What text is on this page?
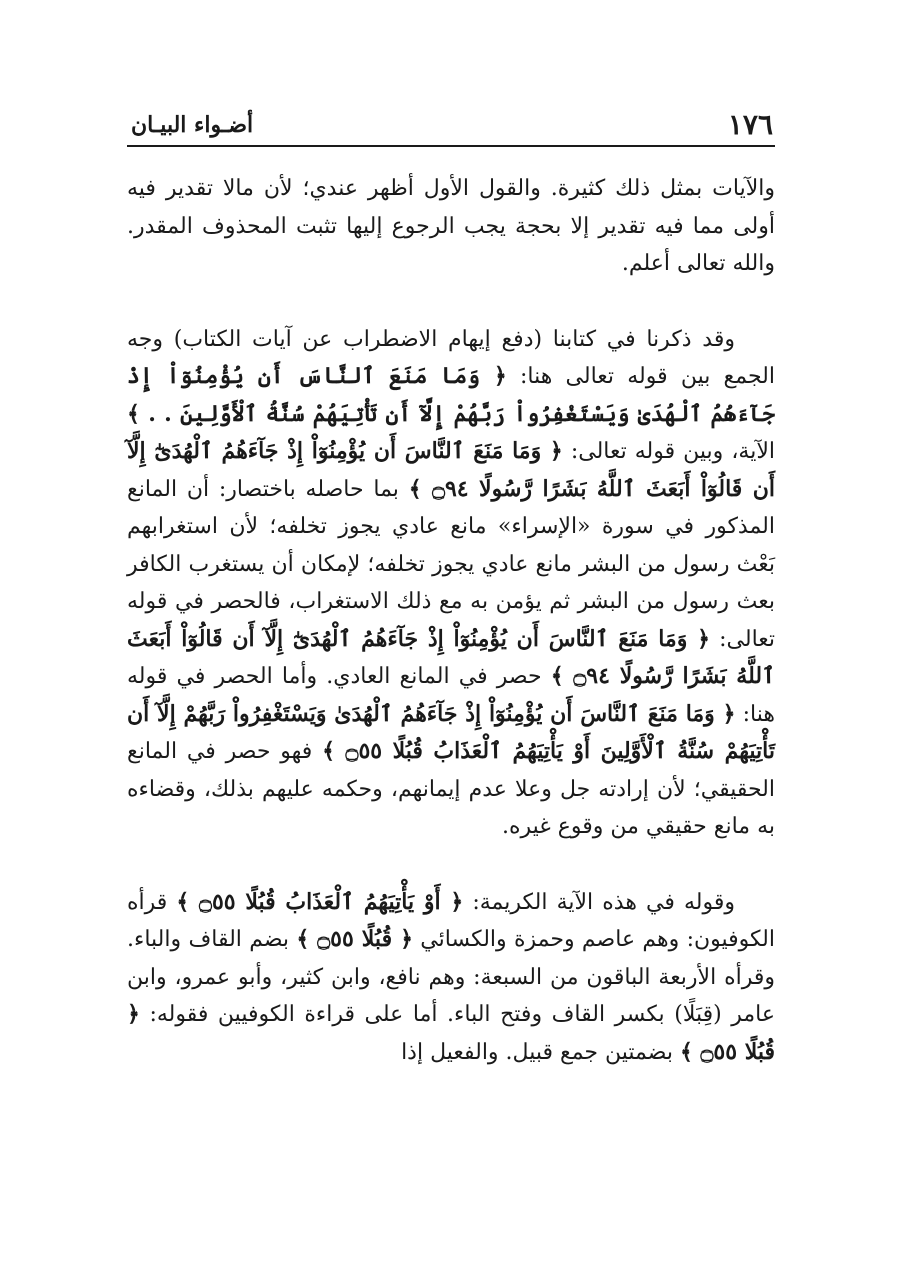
١٧٦
أضـواء البيـان

والآيات بمثل ذلك كثيرة. والقول الأول أظهر عندي؛ لأن مالا تقدير فيه أولى مما فيه تقدير إلا بحجة يجب الرجوع إليها تثبت المحذوف المقدر. والله تعالى أعلم.

وقد ذكرنا في كتابنا (دفع إيهام الاضطراب عن آيات الكتاب) وجه الجمع بين قوله تعالى هنا: ﴿ وَمَا مَنَعَ ٱلنَّاسَ أَن يُؤْمِنُوٓاْ إِذْ جَآءَهُمُ ٱلْهُدَىٰ وَيَسْتَغْفِرُواْ رَبَّهُمْ إِلَّآ أَن تَأْتِيَهُمْ سُنَّةُ ٱلْأَوَّلِينَ . . ﴾ الآية، وبين قوله تعالى: ﴿ وَمَا مَنَعَ ٱلنَّاسَ أَن يُؤْمِنُوٓاْ إِذْ جَآءَهُمُ ٱلْهُدَىٰٓ إِلَّآ أَن قَالُوٓاْ أَبَعَثَ ٱللَّهُ بَشَرًا رَّسُولًا ۝٩٤ ﴾ بما حاصله باختصار: أن المانع المذكور في سورة «الإسراء» مانع عادي يجوز تخلفه؛ لأن استغرابهم بَعْث رسول من البشر مانع عادي يجوز تخلفه؛ لإمكان أن يستغرب الكافر بعث رسول من البشر ثم يؤمن به مع ذلك الاستغراب، فالحصر في قوله تعالى: ﴿ وَمَا مَنَعَ ٱلنَّاسَ أَن يُؤْمِنُوٓاْ إِذْ جَآءَهُمُ ٱلْهُدَىٰٓ إِلَّآ أَن قَالُوٓاْ أَبَعَثَ ٱللَّهُ بَشَرًا رَّسُولًا ۝٩٤ ﴾ حصر في المانع العادي. وأما الحصر في قوله هنا: ﴿ وَمَا مَنَعَ ٱلنَّاسَ أَن يُؤْمِنُوٓاْ إِذْ جَآءَهُمُ ٱلْهُدَىٰ وَيَسْتَغْفِرُواْ رَبَّهُمْ إِلَّآ أَن تَأْتِيَهُمْ سُنَّةُ ٱلْأَوَّلِينَ أَوْ يَأْتِيَهُمُ ٱلْعَذَابُ قُبُلًا ۝٥٥ ﴾ فهو حصر في المانع الحقيقي؛ لأن إرادته جل وعلا عدم إيمانهم، وحكمه عليهم بذلك، وقضاءه به مانع حقيقي من وقوع غيره.

وقوله في هذه الآية الكريمة: ﴿ أَوْ يَأْتِيَهُمُ ٱلْعَذَابُ قُبُلًا ۝٥٥ ﴾ قرأه الكوفيون: وهم عاصم وحمزة والكسائي ﴿ قُبُلًا ۝٥٥ ﴾ بضم القاف والباء. وقرأه الأربعة الباقون من السبعة: وهم نافع، وابن كثير، وأبو عمرو، وابن عامر (قِبَلًا) بكسر القاف وفتح الباء. أما على قراءة الكوفيين فقوله: ﴿ قُبُلًا ۝٥٥ ﴾ بضمتين جمع قبيل. والفعيل إذا
